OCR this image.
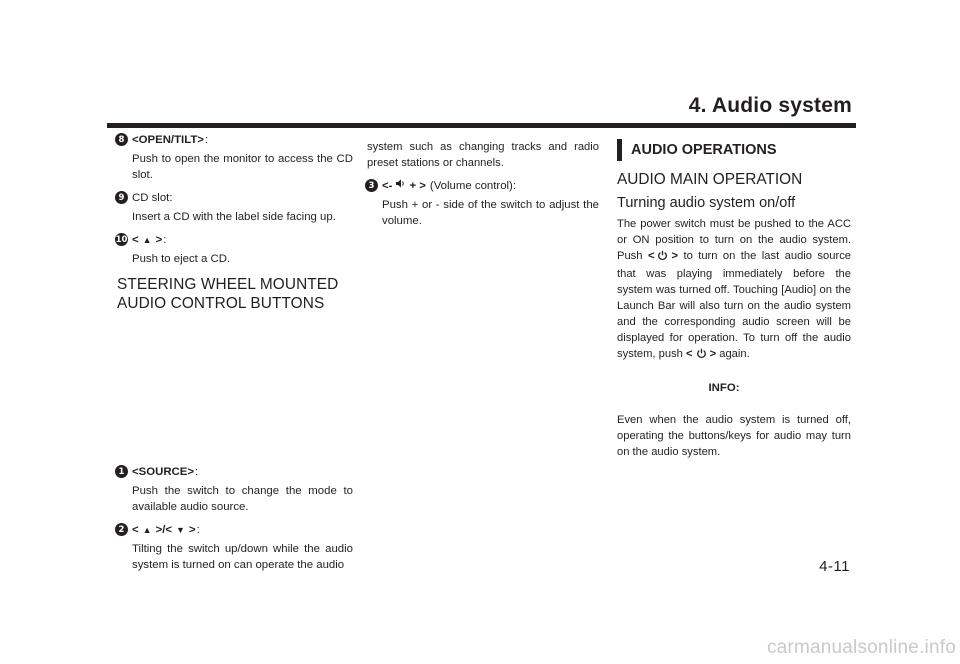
4. Audio system
8 <OPEN/TILT> :
Push to open the monitor to access the CD slot.
9 CD slot:
Insert a CD with the label side facing up.
10 < ▲ > :
Push to eject a CD.
STEERING WHEEL MOUNTED
AUDIO CONTROL BUTTONS
1 <SOURCE> :
Push the switch to change the mode to available audio source.
2 < ▲ >/< ▼ > :
Tilting the switch up/down while the audio system is turned on can operate the audio
system such as changing tracks and radio preset stations or channels.
3 <- + > (Volume control):
Push + or - side of the switch to adjust the volume.
AUDIO OPERATIONS
AUDIO MAIN OPERATION
Turning audio system on/off

The power switch must be pushed to the ACC or ON position to turn on the audio system. Push < > to turn on the last audio source that was playing immediately before the system was turned off. Touching [Audio] on the Launch Bar will also turn on the audio system and the corresponding audio screen will be displayed for operation. To turn off the audio system, push < > again.

INFO:

Even when the audio system is turned off, operating the buttons/keys for audio may turn on the audio system.

4-11
carmanualsonline.info
